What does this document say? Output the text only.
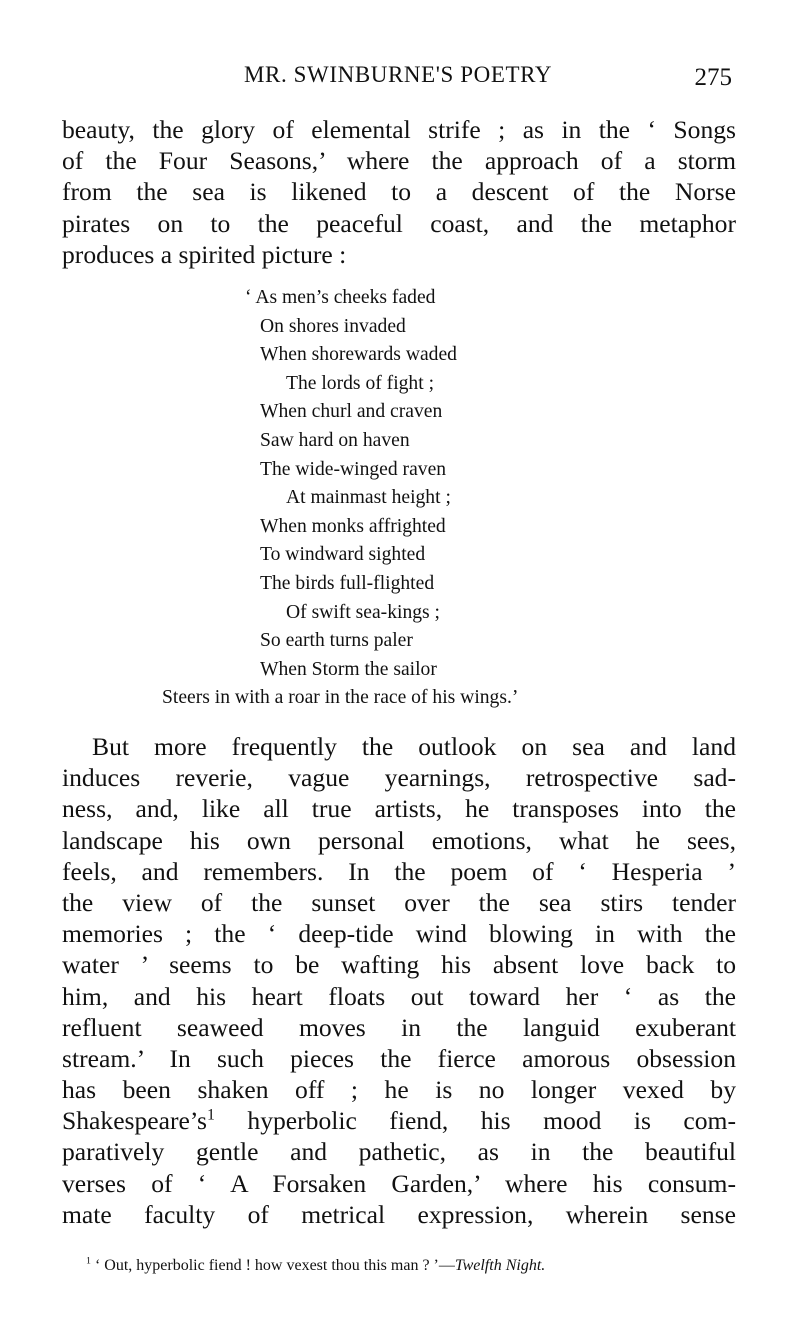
MR. SWINBURNE'S POETRY	275
beauty, the glory of elemental strife ; as in the ‘ Songs
of the Four Seasons,’ where the approach of a storm
from the sea is likened to a descent of the Norse
pirates on to the peaceful coast, and the metaphor
produces a spirited picture :
‘ As men’s cheeks faded
On shores invaded
When shorewards waded
The lords of fight ;
When churl and craven
Saw hard on haven
The wide-winged raven
At mainmast height ;
When monks affrighted
To windward sighted
The birds full-flighted
Of swift sea-kings ;
So earth turns paler
When Storm the sailor
Steers in with a roar in the race of his wings.’
But more frequently the outlook on sea and land
induces reverie, vague yearnings, retrospective sad-
ness, and, like all true artists, he transposes into the
landscape his own personal emotions, what he sees,
feels, and remembers. In the poem of ‘ Hesperia ’
the view of the sunset over the sea stirs tender
memories ; the ‘ deep-tide wind blowing in with the
water ’ seems to be wafting his absent love back to
him, and his heart floats out toward her ‘ as the
refluent seaweed moves in the languid exuberant
stream.’ In such pieces the fierce amorous obsession
has been shaken off ; he is no longer vexed by
Shakespeare’s$^1$ hyperbolic fiend, his mood is com-
paratively gentle and pathetic, as in the beautiful
verses of ‘ A Forsaken Garden,’ where his consum-
mate faculty of metrical expression, wherein sense
$^1$ ‘ Out, hyperbolic fiend ! how vexest thou this man ? ’—Twelfth Night.
